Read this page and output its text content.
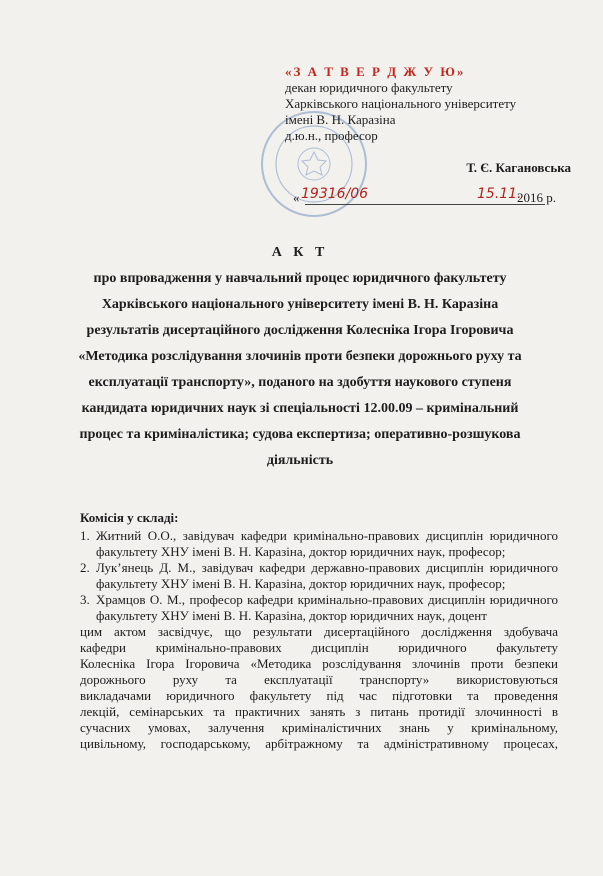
«З А Т В Е Р Д Ж У Ю»
декан юридичного факультету
Харківського національного університету
імені В. Н. Каразіна
д.ю.н., професор
Т. Є. Кагановська
« 19316/06	15.11.
2016 р.
А К Т
про впровадження у навчальний процес юридичного факультету
Харківського національного університету імені В. Н. Каразіна
результатів дисертаційного дослідження Колесніка Ігора Ігоровича
«Методика розслідування злочинів проти безпеки дорожнього руху та
експлуатації транспорту», поданого на здобуття наукового ступеня
кандидата юридичних наук зі спеціальності 12.00.09 – кримінальний
процес та криміналістика; судова експертиза; оперативно-розшукова
діяльність
Комісія у складі:
1. Житний О.О., завідувач кафедри кримінально-правових дисциплін юридичного факультету ХНУ імені В. Н. Каразіна, доктор юридичних наук, професор;
2. Лук’янець Д. М., завідувач кафедри державно-правових дисциплін юридичного факультету ХНУ імені В. Н. Каразіна, доктор юридичних наук, професор;
3. Храмцов О. М., професор кафедри кримінально-правових дисциплін юридичного факультету ХНУ імені В. Н. Каразіна, доктор юридичних наук, доцент
цим актом засвідчує, що результати дисертаційного дослідження здобувача
кафедри кримінально-правових дисциплін юридичного факультету
Колесніка Ігора Ігоровича «Методика розслідування злочинів проти безпеки
дорожнього руху та експлуатації транспорту» використовуються
викладачами юридичного факультету під час підготовки та проведення
лекцій, семінарських та практичних занять з питань протидії злочинності в
сучасних умовах, залучення криміналістичних знань у кримінальному,
цивільному, господарському, арбітражному та адміністративному процесах,
